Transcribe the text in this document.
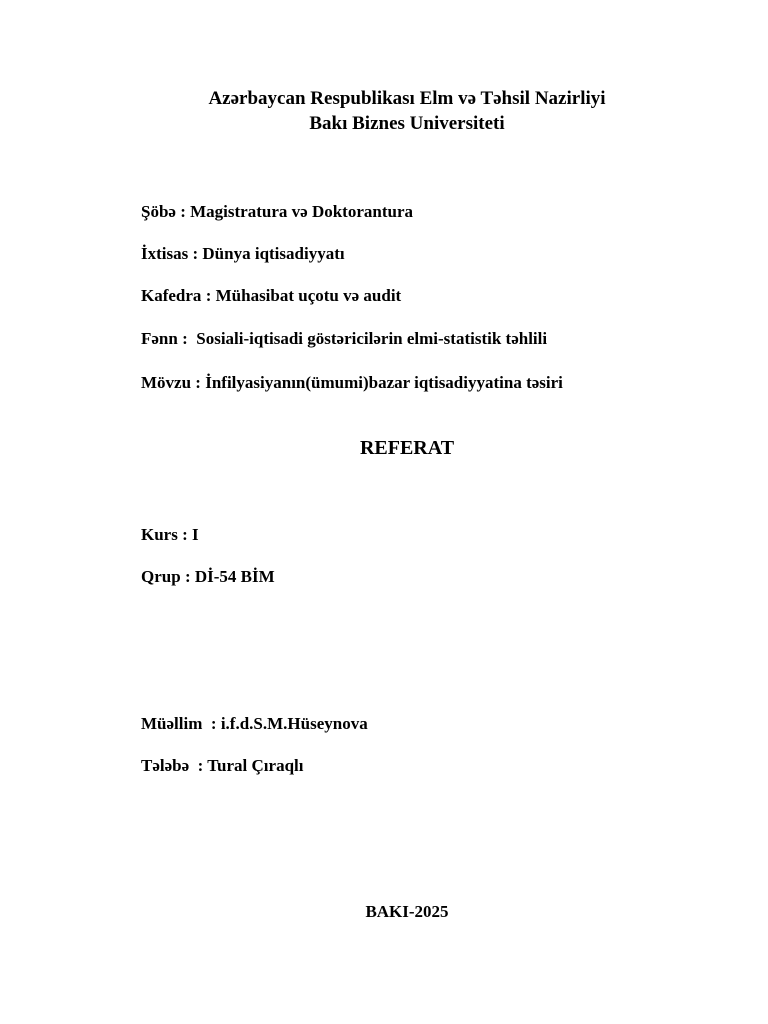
Azərbaycan Respublikası Elm və Təhsil Nazirliyi
Bakı Biznes Universiteti
Şöbə : Magistratura və Doktorantura
İxtisas : Dünya iqtisadiyyatı
Kafedra : Mühasibat uçotu və audit
Fənn :  Sosiali-iqtisadi göstəricilərin elmi-statistik təhlili
Mövzu : İnfilyasiyanın(ümumi)bazar iqtisadiyyatina təsiri
REFERAT
Kurs : I
Qrup : Dİ-54 BİM
Müəllim  : i.f.d.S.M.Hüseynova
Tələbə  : Tural Çıraqlı
BAKI-2025
